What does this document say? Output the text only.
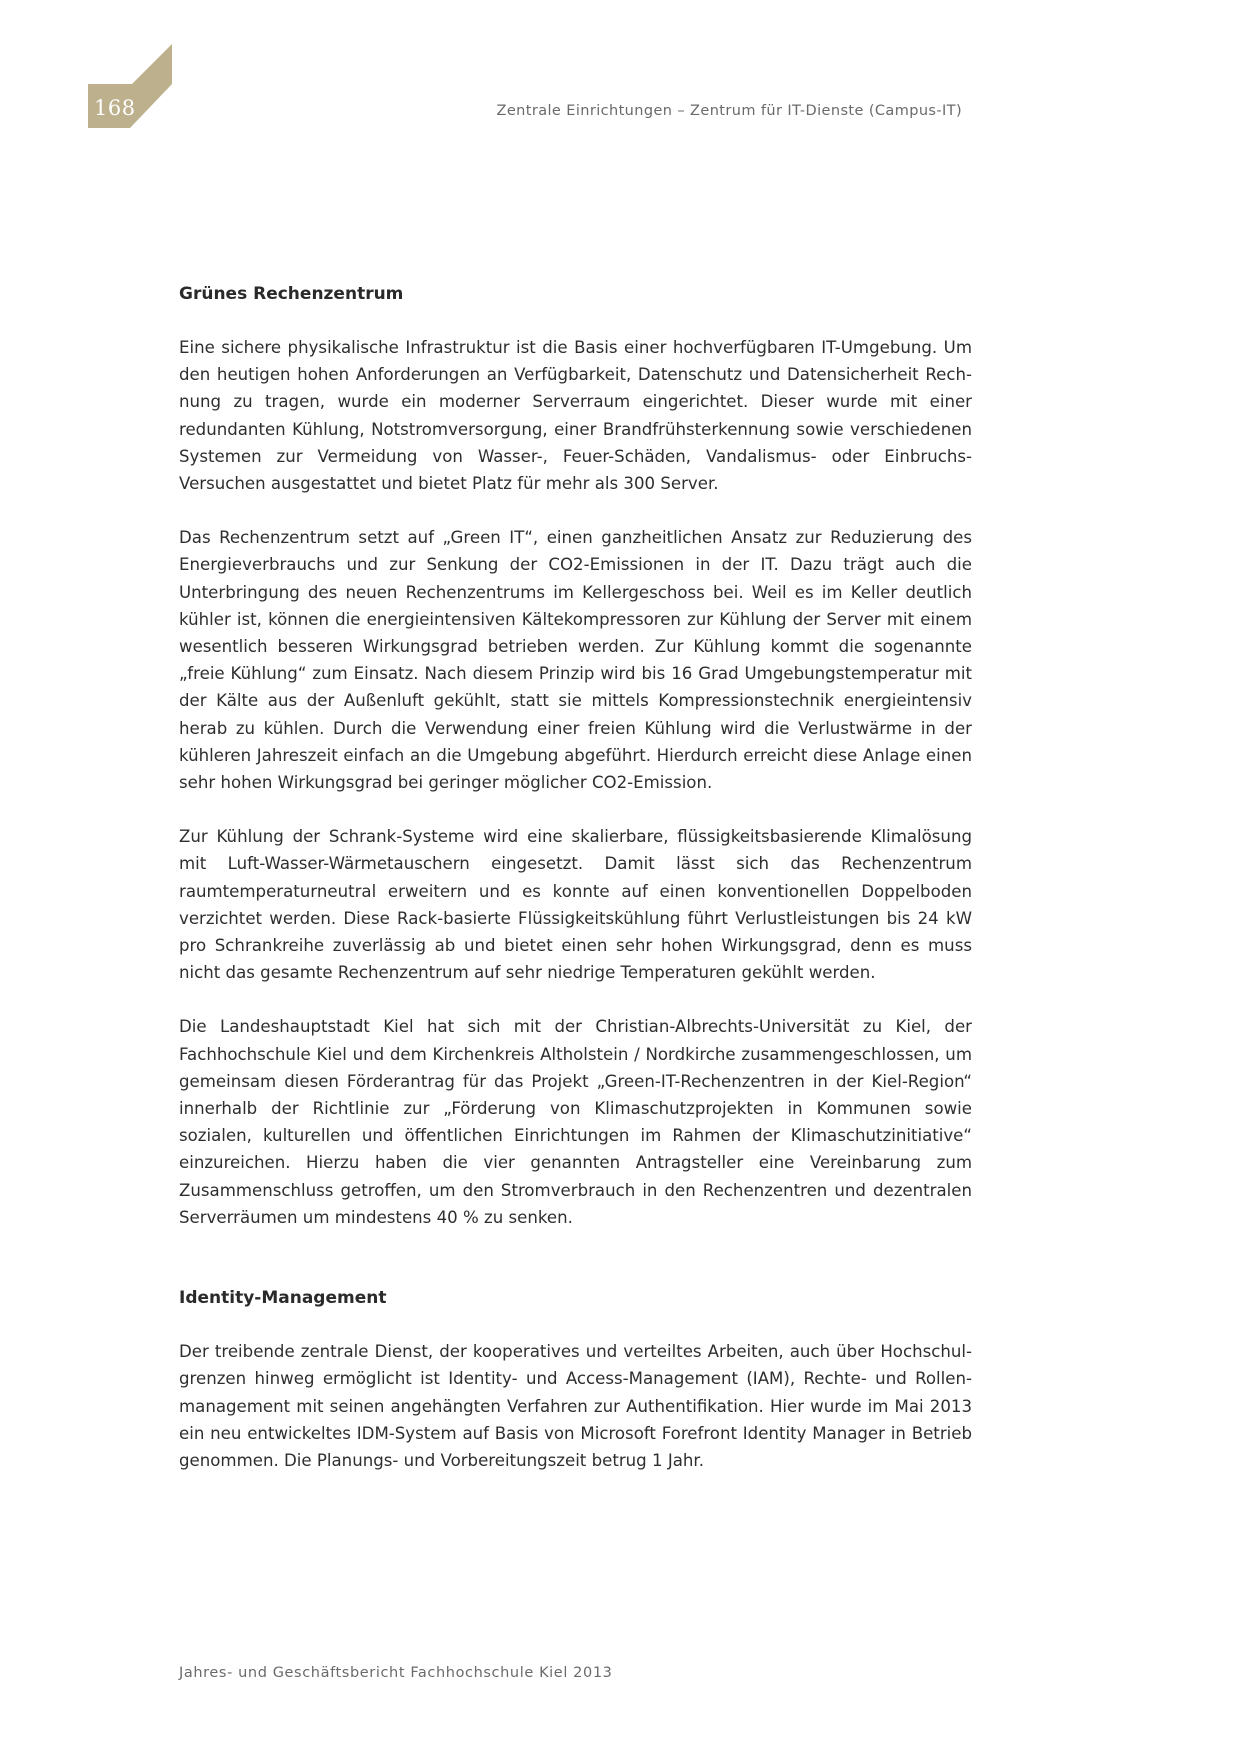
168	Zentrale Einrichtungen – Zentrum für IT-Dienste (Campus-IT)
Grünes Rechenzentrum

Eine sichere physikalische Infrastruktur ist die Basis einer hochverfügbaren IT-Umgebung. Um den heutigen hohen Anforderungen an Verfügbarkeit, Datenschutz und Datensicherheit Rechnung zu tragen, wurde ein moderner Serverraum eingerichtet. Dieser wurde mit einer redundanten Kühlung, Notstromversorgung, einer Brandfrühsterkennung sowie verschiedenen Systemen zur Vermeidung von Wasser-, Feuer-Schäden, Vandalismus- oder Einbruchs-Versuchen ausgestattet und bietet Platz für mehr als 300 Server.

Das Rechenzentrum setzt auf „Green IT“, einen ganzheitlichen Ansatz zur Reduzierung des Energieverbrauchs und zur Senkung der CO2-Emissionen in der IT. Dazu trägt auch die Unterbringung des neuen Rechenzentrums im Kellergeschoss bei. Weil es im Keller deutlich kühler ist, können die energieintensiven Kältekompressoren zur Kühlung der Server mit einem wesentlich besseren Wirkungsgrad betrieben werden. Zur Kühlung kommt die sogenannte „freie Kühlung“ zum Einsatz. Nach diesem Prinzip wird bis 16 Grad Umgebungstemperatur mit der Kälte aus der Außenluft gekühlt, statt sie mittels Kompressionstechnik energieintensiv herab zu kühlen. Durch die Verwendung einer freien Kühlung wird die Verlustwärme in der kühleren Jahreszeit einfach an die Umgebung abgeführt. Hierdurch erreicht diese Anlage einen sehr hohen Wirkungsgrad bei geringer möglicher CO2-Emission.

Zur Kühlung der Schrank-Systeme wird eine skalierbare, flüssigkeitsbasierende Klimalösung mit Luft-Wasser-Wärmetauschern eingesetzt. Damit lässt sich das Rechenzentrum raumtemperaturneutral erweitern und es konnte auf einen konventionellen Doppelboden verzichtet werden. Diese Rack-basierte Flüssigkeitskühlung führt Verlustleistungen bis 24 kW pro Schrankreihe zuverlässig ab und bietet einen sehr hohen Wirkungsgrad, denn es muss nicht das gesamte Rechenzentrum auf sehr niedrige Temperaturen gekühlt werden.

Die Landeshauptstadt Kiel hat sich mit der Christian-Albrechts-Universität zu Kiel, der Fachhochschule Kiel und dem Kirchenkreis Altholstein / Nordkirche zusammengeschlossen, um gemeinsam diesen Förderantrag für das Projekt „Green-IT-Rechenzentren in der Kiel-Region“ innerhalb der Richtlinie zur „Förderung von Klimaschutzprojekten in Kommunen sowie sozialen, kulturellen und öffentlichen Einrichtungen im Rahmen der Klimaschutzinitiative“ einzureichen. Hierzu haben die vier genannten Antragsteller eine Vereinbarung zum Zusammenschluss getroffen, um den Stromverbrauch in den Rechenzentren und dezentralen Serverräumen um mindestens 40 % zu senken.

Identity-Management

Der treibende zentrale Dienst, der kooperatives und verteiltes Arbeiten, auch über Hochschulgrenzen hinweg ermöglicht ist Identity- und Access-Management (IAM), Rechte- und Rollenmanagement mit seinen angehängten Verfahren zur Authentifikation. Hier wurde im Mai 2013 ein neu entwickeltes IDM-System auf Basis von Microsoft Forefront Identity Manager in Betrieb genommen. Die Planungs- und Vorbereitungszeit betrug 1 Jahr.

Jahres- und Geschäftsbericht Fachhochschule Kiel 2013
